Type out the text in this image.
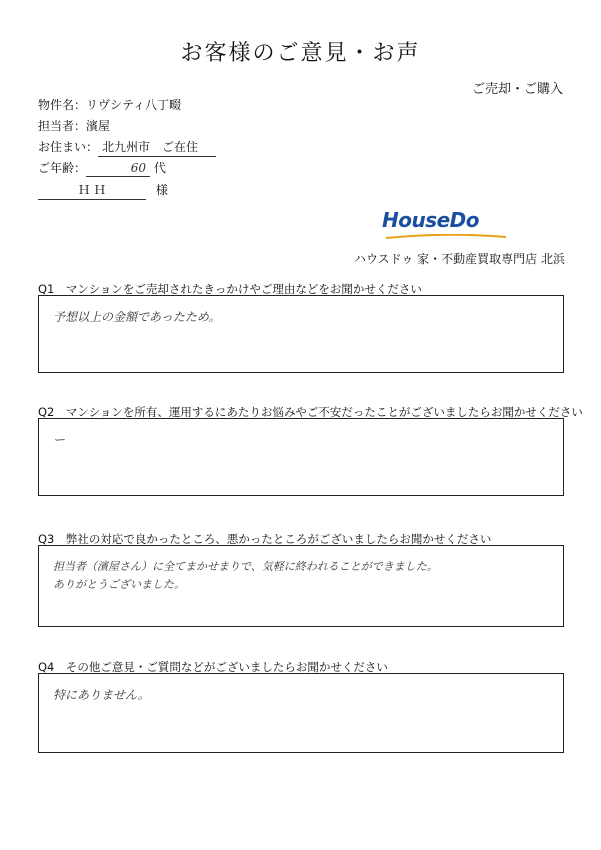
お客様のご意見・お声
ご売却・ご購入
物件名：リヴシティ八丁畷
担当者：濱屋
お住まい： 北九州市　ご在住
ご年齢：	60 代
Ｈ Ｈ	様
HouseDo
ハウスドゥ 家・不動産買取専門店 北浜
Q1　マンションをご売却されたきっかけやご理由などをお聞かせください
予想以上の金額であったため。
Q2　マンションを所有、運用するにあたりお悩みやご不安だったことがございましたらお聞かせください
ー
Q3　弊社の対応で良かったところ、悪かったところがございましたらお聞かせください
担当者（濱屋さん）に全てまかせまりで、気軽に終われることができました。
ありがとうございました。
Q4　その他ご意見・ご質問などがございましたらお聞かせください
特にありません。
